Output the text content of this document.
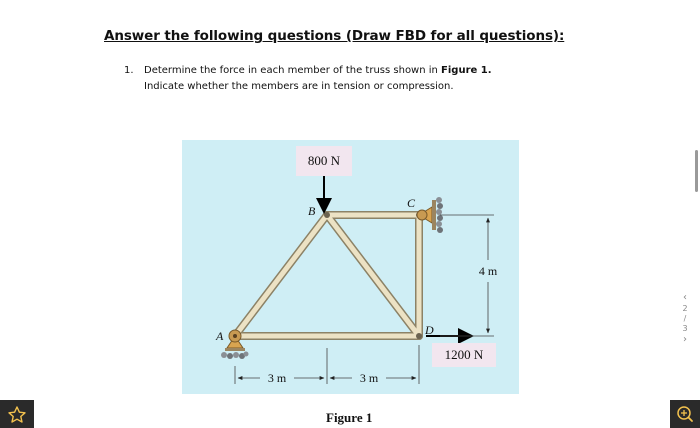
Answer the following questions (Draw FBD for all questions):
1. Determine the force in each member of the truss shown in Figure 1.
Indicate whether the members are in tension or compression.
800 N
1200 N
A
B
C
D
4 m
3 m	3 m
Figure 1
‹
2
/
3
›
